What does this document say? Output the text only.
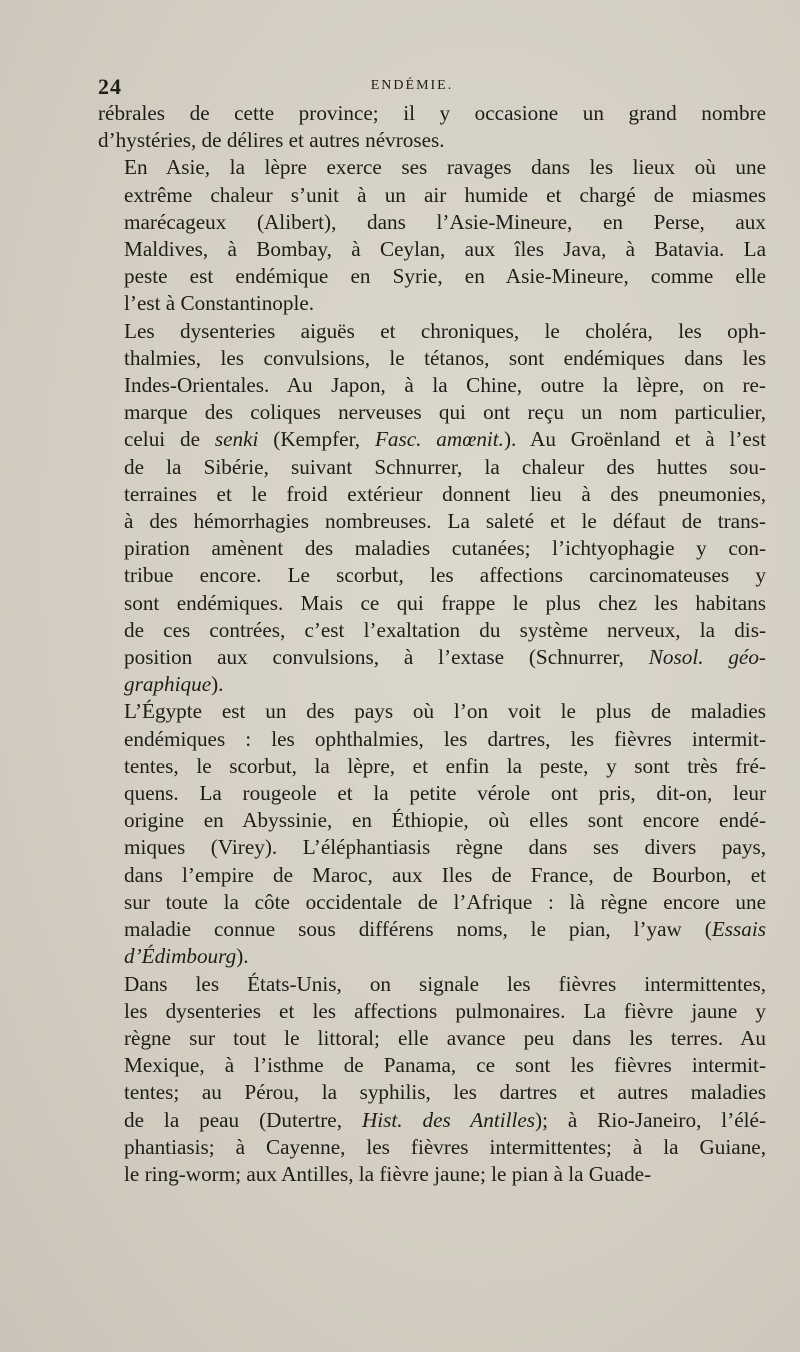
24	ENDÉMIE.
rébrales de cette province; il y occasione un grand nombre
d’hystéries, de délires et autres névroses.
En Asie, la lèpre exerce ses ravages dans les lieux où une
extrême chaleur s’unit à un air humide et chargé de miasmes
marécageux (Alibert), dans l’Asie-Mineure, en Perse, aux
Maldives, à Bombay, à Ceylan, aux îles Java, à Batavia. La
peste est endémique en Syrie, en Asie-Mineure, comme elle
l’est à Constantinople.
Les dysenteries aiguës et chroniques, le choléra, les oph-
thalmies, les convulsions, le tétanos, sont endémiques dans les
Indes-Orientales. Au Japon, à la Chine, outre la lèpre, on re-
marque des coliques nerveuses qui ont reçu un nom particulier,
celui de senki (Kempfer, Fasc. amœnit.). Au Groënland et à l’est
de la Sibérie, suivant Schnurrer, la chaleur des huttes sou-
terraines et le froid extérieur donnent lieu à des pneumonies,
à des hémorrhagies nombreuses. La saleté et le défaut de trans-
piration amènent des maladies cutanées; l’ichtyophagie y con-
tribue encore. Le scorbut, les affections carcinomateuses y
sont endémiques. Mais ce qui frappe le plus chez les habitans
de ces contrées, c’est l’exaltation du système nerveux, la dis-
position aux convulsions, à l’extase (Schnurrer, Nosol. géo-
graphique).
L’Égypte est un des pays où l’on voit le plus de maladies
endémiques : les ophthalmies, les dartres, les fièvres intermit-
tentes, le scorbut, la lèpre, et enfin la peste, y sont très fré-
quens. La rougeole et la petite vérole ont pris, dit-on, leur
origine en Abyssinie, en Éthiopie, où elles sont encore endé-
miques (Virey). L’éléphantiasis règne dans ses divers pays,
dans l’empire de Maroc, aux Iles de France, de Bourbon, et
sur toute la côte occidentale de l’Afrique : là règne encore une
maladie connue sous différens noms, le pian, l’yaw (Essais
d’Édimbourg).
Dans les États-Unis, on signale les fièvres intermittentes,
les dysenteries et les affections pulmonaires. La fièvre jaune y
règne sur tout le littoral; elle avance peu dans les terres. Au
Mexique, à l’isthme de Panama, ce sont les fièvres intermit-
tentes; au Pérou, la syphilis, les dartres et autres maladies
de la peau (Dutertre, Hist. des Antilles); à Rio-Janeiro, l’élé-
phantiasis; à Cayenne, les fièvres intermittentes; à la Guiane,
le ring-worm; aux Antilles, la fièvre jaune; le pian à la Guade-
